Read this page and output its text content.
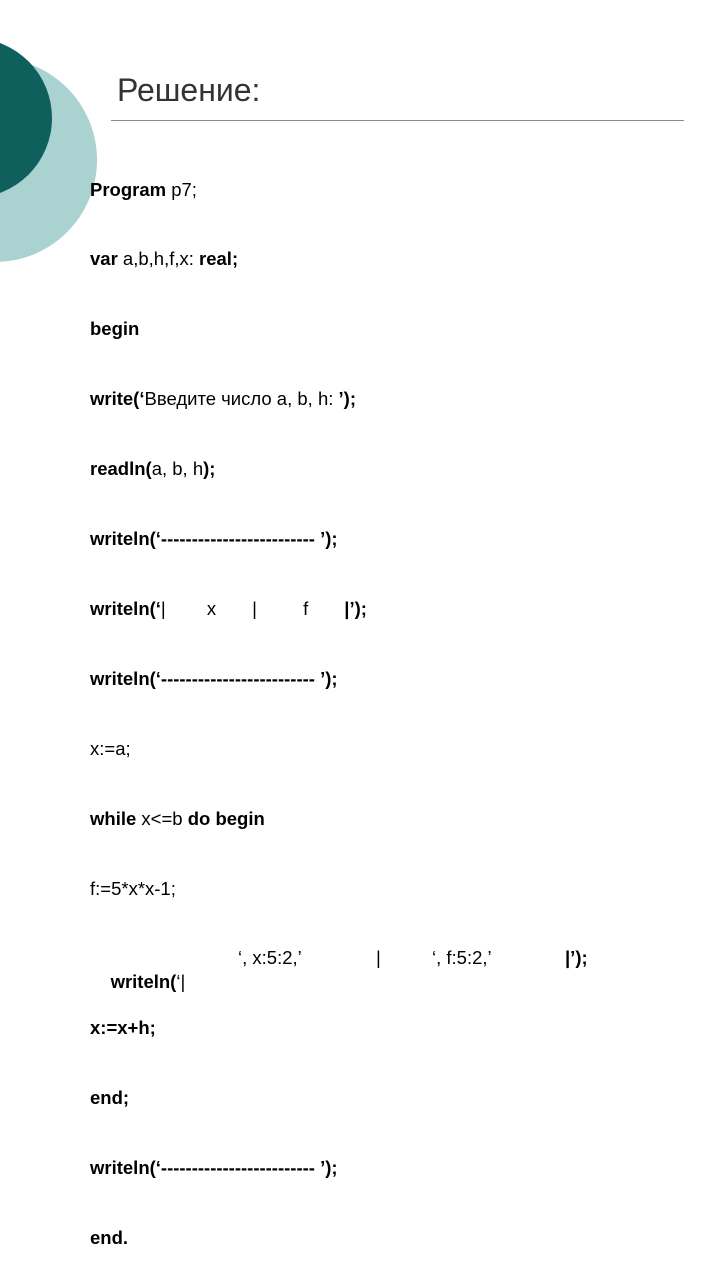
Решение:

Program p7;

var a,b,h,f,x: real;

begin

write(‘Введите число a, b, h: ’);

readln(a, b, h);

writeln(‘------------------------- ’);

writeln(‘|        x       |         f       |’);

writeln(‘------------------------- ’);

x:=a;

while x<=b do begin

f:=5*x*x-1;

writeln(‘|

‘, x:5:2,’

	|

	‘, f:5:2,’

	|’);

x:=x+h;

end;

writeln(‘------------------------- ’);

end.
